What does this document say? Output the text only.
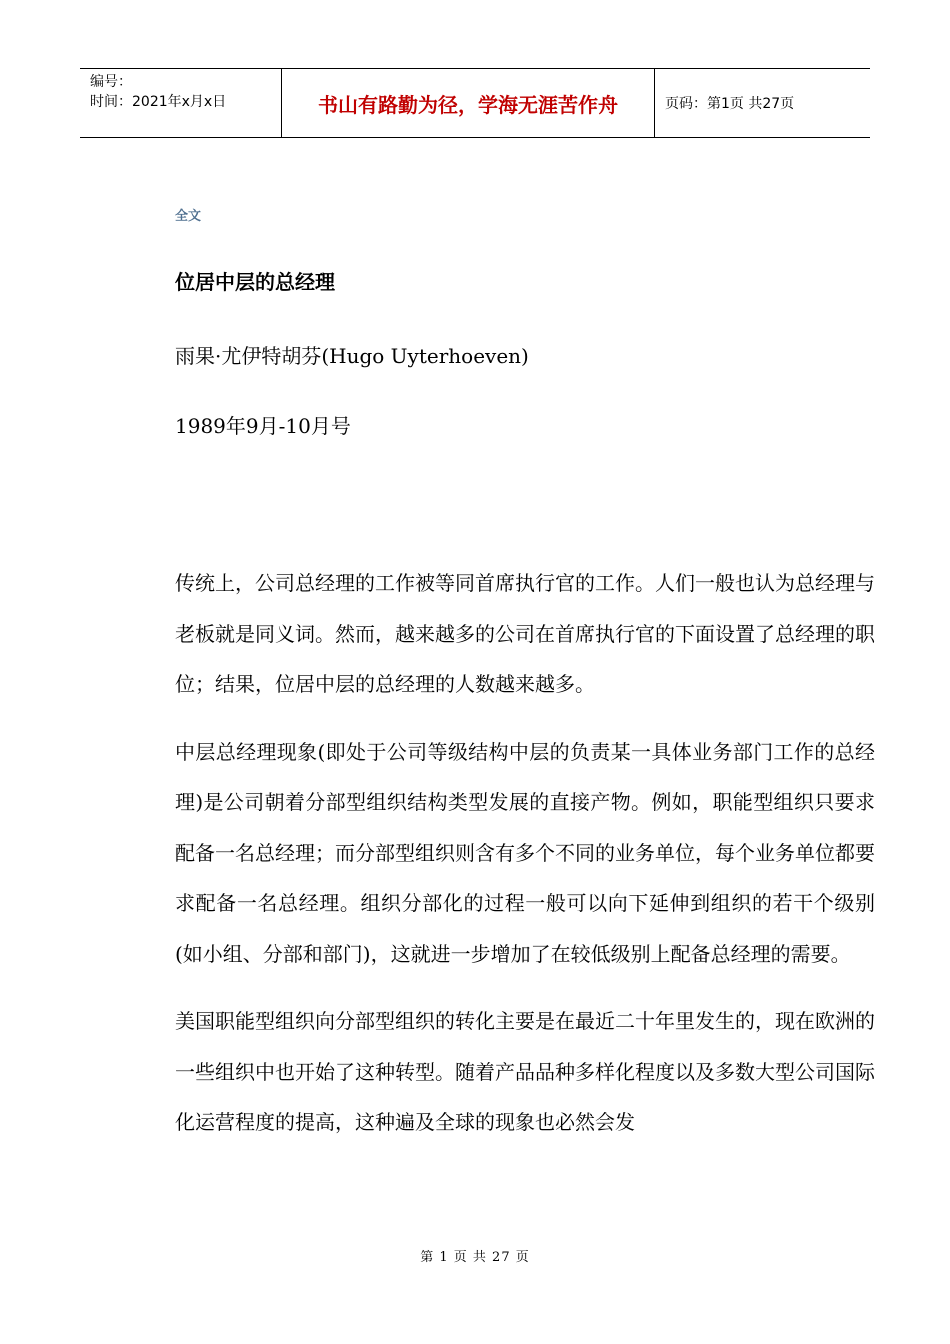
编号：
时间：2021年x月x日	书山有路勤为径，学海无涯苦作舟	页码：第1页 共27页
全文
位居中层的总经理
雨果·尤伊特胡芬(Hugo Uyterhoeven)
1989年9月-10月号

传统上，公司总经理的工作被等同首席执行官的工作。人们一般也认为总经理与老板就是同义词。然而，越来越多的公司在首席执行官的下面设置了总经理的职位；结果，位居中层的总经理的人数越来越多。

中层总经理现象(即处于公司等级结构中层的负责某一具体业务部门工作的总经理)是公司朝着分部型组织结构类型发展的直接产物。例如，职能型组织只要求配备一名总经理；而分部型组织则含有多个不同的业务单位，每个业务单位都要求配备一名总经理。组织分部化的过程一般可以向下延伸到组织的若干个级别(如小组、分部和部门)，这就进一步增加了在较低级别上配备总经理的需要。

美国职能型组织向分部型组织的转化主要是在最近二十年里发生的，现在欧洲的一些组织中也开始了这种转型。随着产品品种多样化程度以及多数大型公司国际化运营程度的提高，这种遍及全球的现象也必然会发

第 1 页 共 27 页
